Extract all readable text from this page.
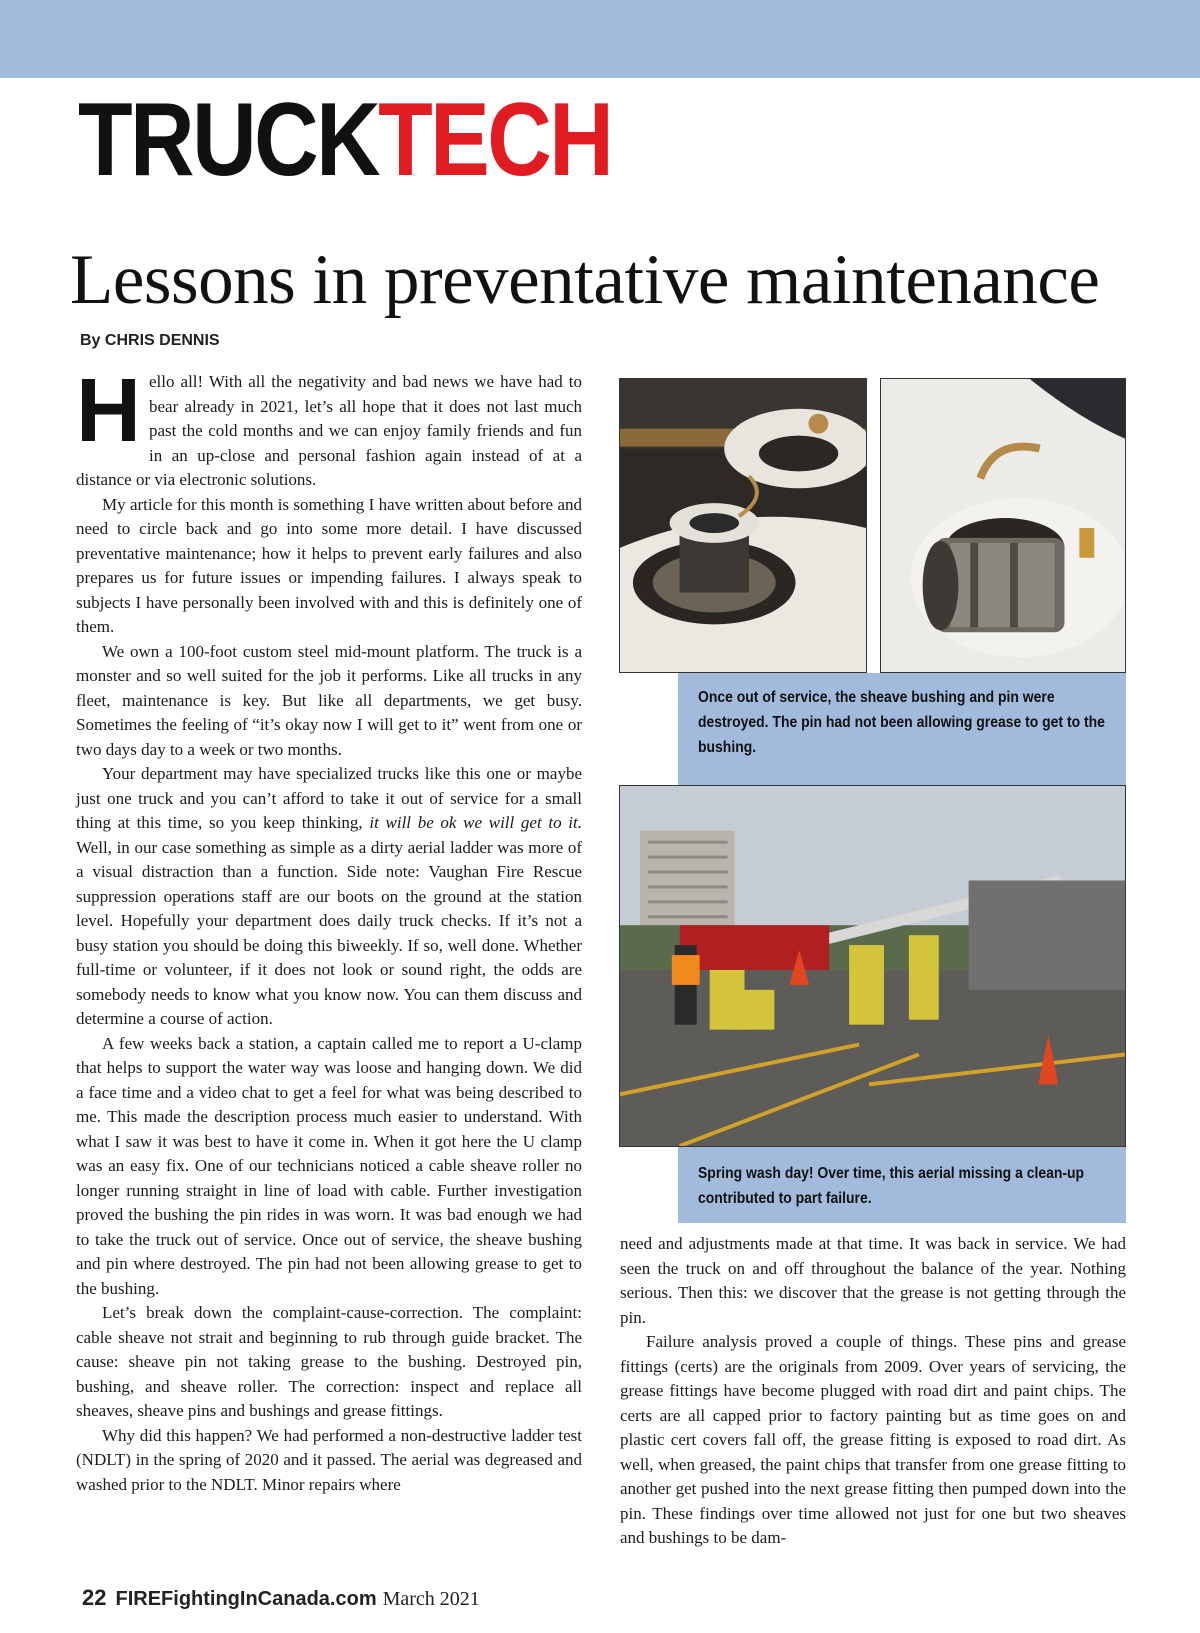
TRUCKTECH
Lessons in preventative maintenance
By CHRIS DENNIS

Hello all! With all the negativity and bad news we have had to bear already in 2021, let’s all hope that it does not last much past the cold months and we can enjoy family friends and fun in an up-close and personal fashion again instead of at a distance or via electronic solutions.

My article for this month is something I have written about before and need to circle back and go into some more detail. I have discussed preventative maintenance; how it helps to prevent early failures and also prepares us for future issues or impending failures. I always speak to subjects I have personally been involved with and this is definitely one of them.

We own a 100-foot custom steel mid-mount platform. The truck is a monster and so well suited for the job it performs. Like all trucks in any fleet, maintenance is key. But like all departments, we get busy. Sometimes the feeling of “it’s okay now I will get to it” went from one or two days day to a week or two months.

Your department may have specialized trucks like this one or maybe just one truck and you can’t afford to take it out of service for a small thing at this time, so you keep thinking, it will be ok we will get to it. Well, in our case something as simple as a dirty aerial ladder was more of a visual distraction than a function. Side note: Vaughan Fire Rescue suppression operations staff are our boots on the ground at the station level. Hopefully your department does daily truck checks. If it’s not a busy station you should be doing this biweekly. If so, well done. Whether full-time or volunteer, if it does not look or sound right, the odds are somebody needs to know what you know now. You can them discuss and determine a course of action.

A few weeks back a station, a captain called me to report a U-clamp that helps to support the water way was loose and hanging down. We did a face time and a video chat to get a feel for what was being described to me. This made the description process much easier to understand. With what I saw it was best to have it come in. When it got here the U clamp was an easy fix. One of our technicians noticed a cable sheave roller no longer running straight in line of load with cable. Further investigation proved the bushing the pin rides in was worn. It was bad enough we had to take the truck out of service. Once out of service, the sheave bushing and pin where destroyed. The pin had not been allowing grease to get to the bushing.

Let’s break down the complaint-cause-correction. The complaint: cable sheave not strait and beginning to rub through guide bracket. The cause: sheave pin not taking grease to the bushing. Destroyed pin, bushing, and sheave roller. The correction: inspect and replace all sheaves, sheave pins and bushings and grease fittings.

Why did this happen? We had performed a non-destructive ladder test (NDLT) in the spring of 2020 and it passed. The aerial was degreased and washed prior to the NDLT. Minor repairs where

Once out of service, the sheave bushing and pin were destroyed. The pin had not been allowing grease to get to the bushing.
Spring wash day! Over time, this aerial missing a clean-up contributed to part failure.

need and adjustments made at that time. It was back in service. We had seen the truck on and off throughout the balance of the year. Nothing serious. Then this: we discover that the grease is not getting through the pin.

Failure analysis proved a couple of things. These pins and grease fittings (certs) are the originals from 2009. Over years of servicing, the grease fittings have become plugged with road dirt and paint chips. The certs are all capped prior to factory painting but as time goes on and plastic cert covers fall off, the grease fitting is exposed to road dirt. As well, when greased, the paint chips that transfer from one grease fitting to another get pushed into the next grease fitting then pumped down into the pin. These findings over time allowed not just for one but two sheaves and bushings to be dam-

22 FIREFightingInCanada.com March 2021
